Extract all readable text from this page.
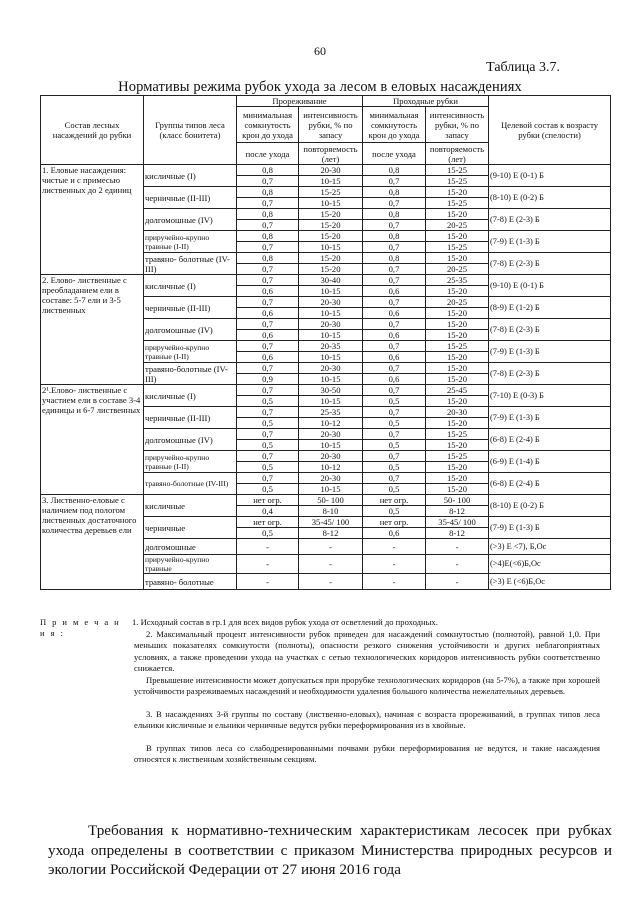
60
Таблица 3.7.
Нормативы режима рубок ухода за лесом в еловых насаждениях
Состав лесных насаждений до рубки	Группы типов леса (класс бонитета)	Прореживание		Проходные рубки		Целевой состав к возрасту рубки (спелости)
		минимальная сомкнутость крон до ухода	интенсивность рубки, % по запасу	минимальная сомкнутость крон до ухода	интенсивность рубки, % по запасу	
		после ухода	повторяемость (лет)	после ухода	повторяемость (лет)	
1. Еловые насаждения: чистые и с примесью лиственных до 2 единиц	кисличные (I)	0,8	20-30	0,8	15-25	(9-10) Е (0-1) Б
		0,7	10-15	0,7	15-25	
	черничные (II-III)	0,8	15-25	0,8	15-20	(8-10) Е (0-2) Б
		0,7	10-15	0,7	15-25	
	долгомошные (IV)	0,8	15-20	0,8	15-20	(7-8) Е (2-3) Б
		0,7	15-20	0,7	20-25	
	приручейно-крупно травные (I-II)	0,8	15-20	0,8	15-20	(7-9) Е (1-3) Б
		0,7	10-15	0,7	15-25	
	травяно- болотные (IV-III)	0,8	15-20	0,8	15-20	(7-8) Е (2-3) Б
		0,7	15-20	0,7	20-25	
2. Елово- лиственные с преобладанием ели в составе: 5-7 ели и 3-5 лиственных	кисличные (I)	0,7	30-40	0,7	25-35	(9-10) Е (0-1) Б
		0,6	10-15	0,6	15-20	
	черничные (II-III)	0,7	20-30	0,7	20-25	(8-9) Е (1-2) Б
		0,6	10-15	0,6	15-20	
	долгомошные (IV)	0,7	20-30	0,7	15-20	(7-8) Е (2-3) Б
		0,6	10-15	0,6	15-20	
	приручейно-крупно травные (I-II)	0,7	20-35	0,7	15-25	(7-9) Е (1-3) Б
		0,6	10-15	0,6	15-20	
	травяно-болотные (IV-III)	0,7	20-30	0,7	15-20	(7-8) Е (2-3) Б
		0,9	10-15	0,6	15-20	
2¹.Елово- лиственные с участием ели в составе 3-4 единицы и 6-7 лиственных	кисличные (I)	0,7	30-50	0,7	25-45	(7-10) Е (0-3) Б
		0,5	10-15	0,5	15-20	
	черничные (II-III)	0,7	25-35	0,7	20-30	(7-9) Е (1-3) Б
		0,5	10-12	0,5	15-20	
	долгомошные (IV)	0,7	20-30	0,7	15-25	(6-8) Е (2-4) Б
		0,5	10-15	0,5	15-20	
	приручейно-крупно травные (I-II)	0,7	20-30	0,7	15-25	(6-9) Е (1-4) Б
		0,5	10-12	0,5	15-20	
	травяно-болотные (IV-III)	0,7	20-30	0,7	15-20	(6-8) Е (2-4) Б
		0,5	10-15	0,5	15-20	
3. Лиственно-еловые с наличием под пологом лиственных достаточного количества деревьев ели	кисличные	нет огр.	50- 100	нет огр.	50- 100	(8-10) Е (0-2) Б
		0,4	8-10	0,5	8-12	
	черничные	нет огр.	35-45/ 100	нет огр.	35-45/ 100	(7-9) Е (1-3) Б
		0,5	8-12	0,6	8-12	
	долгомошные	-	-	-	-	(>3) Е <7), Б,Ос
	приручейно-крупно травные	-	-	-	-	(>4)Е(<6)Б,Ос
	травяно- болотные	-	-	-	-	(>3) Е (<6)Б,Ос
П р и м е ч а н и я :
1. Исходный состав в гр.1 для всех видов рубок ухода от осветлений до проходных.
2. Максимальный процент интенсивности рубок приведен для насаждений сомкнутостью (полнотой), равной 1,0. При меньших показателях сомкнутости (полноты), опасности резкого снижения устойчивости и других неблагоприятных условиях, а также проведении ухода на участках с сетью технологических коридоров интенсивность рубки соответственно снижается.
Превышение интенсивности может допускаться при прорубке технологических коридоров (на 5-7%), а также при хорошей устойчивости разреживаемых насаждений и необходимости удаления большого количества нежелательных деревьев.
3. В насаждениях 3-й группы по составу (лиственно-еловых), начиная с возраста прореживаний, в группах типов леса ельники кисличные и ельники черничные ведутся рубки переформирования из в хвойные.
В группах типов леса со слабодренированными почвами рубки переформирования не ведутся, и такие насаждения относятся к лиственным хозяйственным секциям.
Требования к нормативно-техническим характеристикам лесосек при рубках ухода определены в соответствии с приказом Министерства природных ресурсов и экологии Российской Федерации от 27 июня 2016 года
